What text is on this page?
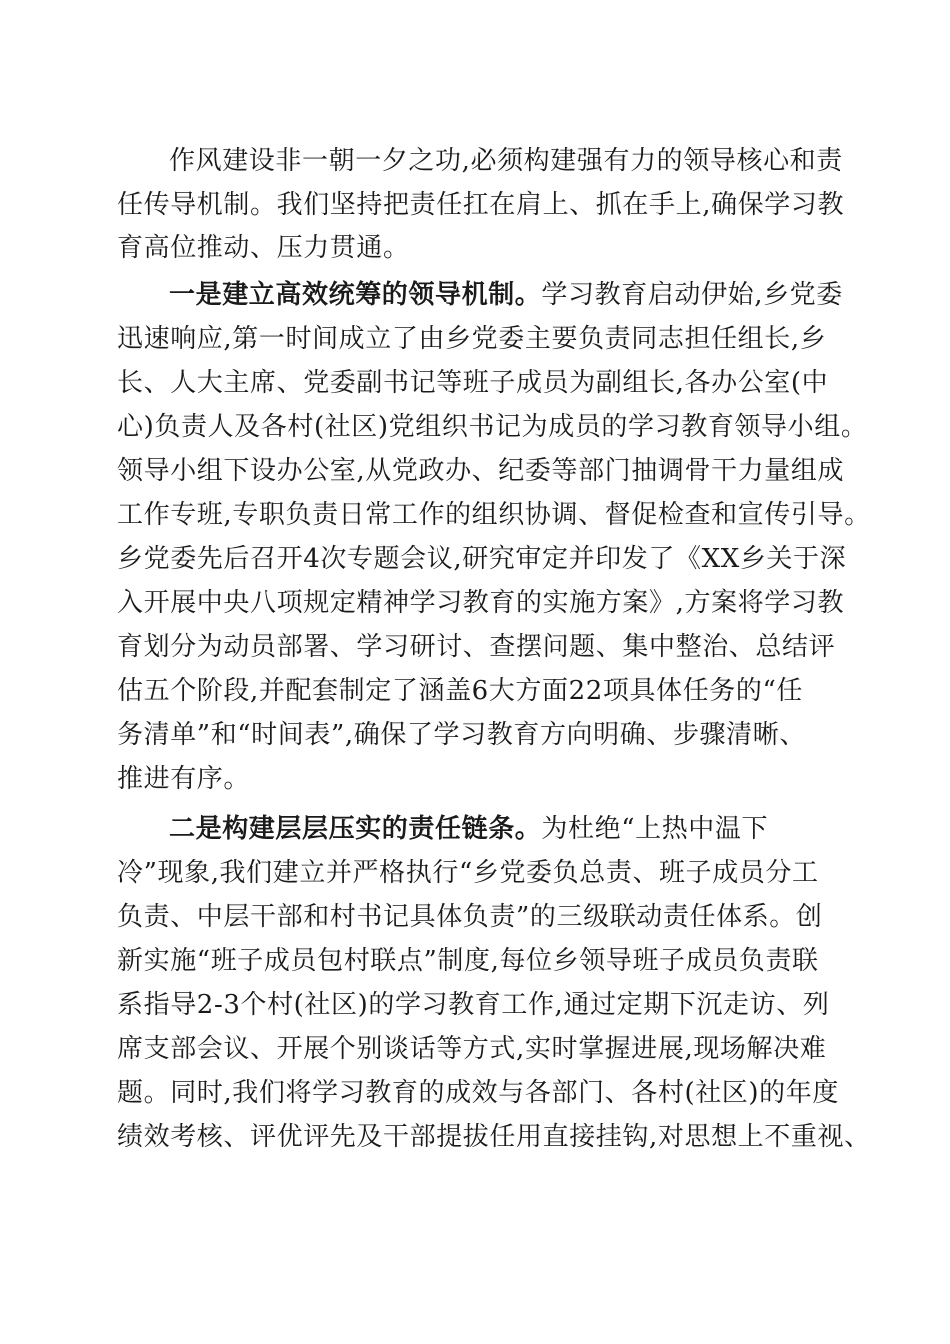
作风建设非一朝一夕之功,必须构建强有力的领导核心和责
任传导机制。我们坚持把责任扛在肩上、抓在手上,确保学习教
育高位推动、压力贯通。
一是建立高效统筹的领导机制。学习教育启动伊始,乡党委
迅速响应,第一时间成立了由乡党委主要负责同志担任组长,乡
长、人大主席、党委副书记等班子成员为副组长,各办公室(中
心)负责人及各村(社区)党组织书记为成员的学习教育领导小组。
领导小组下设办公室,从党政办、纪委等部门抽调骨干力量组成
工作专班,专职负责日常工作的组织协调、督促检查和宣传引导。
乡党委先后召开4次专题会议,研究审定并印发了《XX乡关于深
入开展中央八项规定精神学习教育的实施方案》,方案将学习教
育划分为动员部署、学习研讨、查摆问题、集中整治、总结评
估五个阶段,并配套制定了涵盖6大方面22项具体任务的“任
务清单”和“时间表”,确保了学习教育方向明确、步骤清晰、
推进有序。
二是构建层层压实的责任链条。为杜绝“上热中温下
冷”现象,我们建立并严格执行“乡党委负总责、班子成员分工
负责、中层干部和村书记具体负责”的三级联动责任体系。创
新实施“班子成员包村联点”制度,每位乡领导班子成员负责联
系指导2-3个村(社区)的学习教育工作,通过定期下沉走访、列
席支部会议、开展个别谈话等方式,实时掌握进展,现场解决难
题。同时,我们将学习教育的成效与各部门、各村(社区)的年度
绩效考核、评优评先及干部提拔任用直接挂钩,对思想上不重视、
